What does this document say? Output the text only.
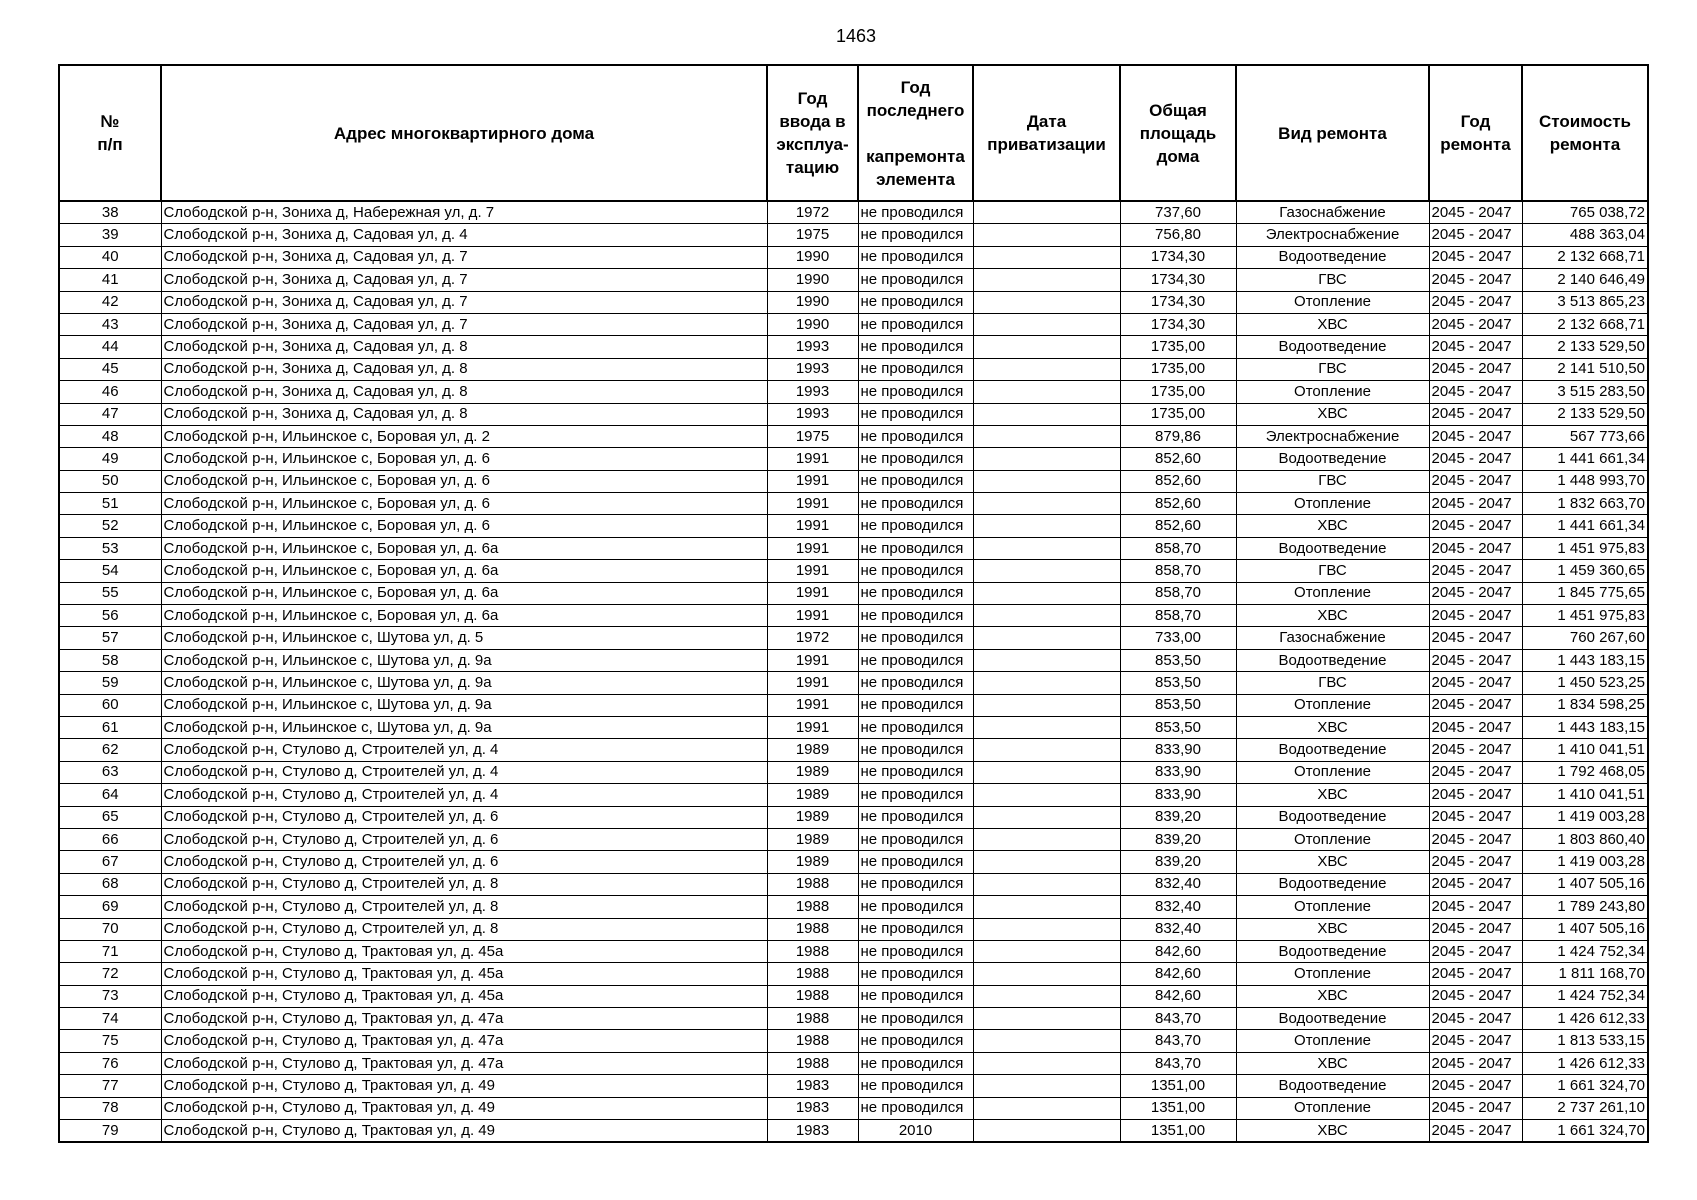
1463
№
п/п	Адрес многоквартирного дома	Год
ввода в
эксплуа-
тацию	Год
последнего

капремонта
элемента	Дата
приватизации	Общая
площадь
дома	Вид ремонта	Год
ремонта	Стоимость
ремонта
38	Слободской р-н, Зониха д, Набережная ул, д. 7	1972	не проводился		737,60	Газоснабжение	2045 - 2047	765 038,72
39	Слободской р-н, Зониха д, Садовая ул, д. 4	1975	не проводился		756,80	Электроснабжение	2045 - 2047	488 363,04
40	Слободской р-н, Зониха д, Садовая ул, д. 7	1990	не проводился		1734,30	Водоотведение	2045 - 2047	2 132 668,71
41	Слободской р-н, Зониха д, Садовая ул, д. 7	1990	не проводился		1734,30	ГВС	2045 - 2047	2 140 646,49
42	Слободской р-н, Зониха д, Садовая ул, д. 7	1990	не проводился		1734,30	Отопление	2045 - 2047	3 513 865,23
43	Слободской р-н, Зониха д, Садовая ул, д. 7	1990	не проводился		1734,30	ХВС	2045 - 2047	2 132 668,71
44	Слободской р-н, Зониха д, Садовая ул, д. 8	1993	не проводился		1735,00	Водоотведение	2045 - 2047	2 133 529,50
45	Слободской р-н, Зониха д, Садовая ул, д. 8	1993	не проводился		1735,00	ГВС	2045 - 2047	2 141 510,50
46	Слободской р-н, Зониха д, Садовая ул, д. 8	1993	не проводился		1735,00	Отопление	2045 - 2047	3 515 283,50
47	Слободской р-н, Зониха д, Садовая ул, д. 8	1993	не проводился		1735,00	ХВС	2045 - 2047	2 133 529,50
48	Слободской р-н, Ильинское с, Боровая ул, д. 2	1975	не проводился		879,86	Электроснабжение	2045 - 2047	567 773,66
49	Слободской р-н, Ильинское с, Боровая ул, д. 6	1991	не проводился		852,60	Водоотведение	2045 - 2047	1 441 661,34
50	Слободской р-н, Ильинское с, Боровая ул, д. 6	1991	не проводился		852,60	ГВС	2045 - 2047	1 448 993,70
51	Слободской р-н, Ильинское с, Боровая ул, д. 6	1991	не проводился		852,60	Отопление	2045 - 2047	1 832 663,70
52	Слободской р-н, Ильинское с, Боровая ул, д. 6	1991	не проводился		852,60	ХВС	2045 - 2047	1 441 661,34
53	Слободской р-н, Ильинское с, Боровая ул, д. 6а	1991	не проводился		858,70	Водоотведение	2045 - 2047	1 451 975,83
54	Слободской р-н, Ильинское с, Боровая ул, д. 6а	1991	не проводился		858,70	ГВС	2045 - 2047	1 459 360,65
55	Слободской р-н, Ильинское с, Боровая ул, д. 6а	1991	не проводился		858,70	Отопление	2045 - 2047	1 845 775,65
56	Слободской р-н, Ильинское с, Боровая ул, д. 6а	1991	не проводился		858,70	ХВС	2045 - 2047	1 451 975,83
57	Слободской р-н, Ильинское с, Шутова ул, д. 5	1972	не проводился		733,00	Газоснабжение	2045 - 2047	760 267,60
58	Слободской р-н, Ильинское с, Шутова ул, д. 9а	1991	не проводился		853,50	Водоотведение	2045 - 2047	1 443 183,15
59	Слободской р-н, Ильинское с, Шутова ул, д. 9а	1991	не проводился		853,50	ГВС	2045 - 2047	1 450 523,25
60	Слободской р-н, Ильинское с, Шутова ул, д. 9а	1991	не проводился		853,50	Отопление	2045 - 2047	1 834 598,25
61	Слободской р-н, Ильинское с, Шутова ул, д. 9а	1991	не проводился		853,50	ХВС	2045 - 2047	1 443 183,15
62	Слободской р-н, Стулово д, Строителей ул, д. 4	1989	не проводился		833,90	Водоотведение	2045 - 2047	1 410 041,51
63	Слободской р-н, Стулово д, Строителей ул, д. 4	1989	не проводился		833,90	Отопление	2045 - 2047	1 792 468,05
64	Слободской р-н, Стулово д, Строителей ул, д. 4	1989	не проводился		833,90	ХВС	2045 - 2047	1 410 041,51
65	Слободской р-н, Стулово д, Строителей ул, д. 6	1989	не проводился		839,20	Водоотведение	2045 - 2047	1 419 003,28
66	Слободской р-н, Стулово д, Строителей ул, д. 6	1989	не проводился		839,20	Отопление	2045 - 2047	1 803 860,40
67	Слободской р-н, Стулово д, Строителей ул, д. 6	1989	не проводился		839,20	ХВС	2045 - 2047	1 419 003,28
68	Слободской р-н, Стулово д, Строителей ул, д. 8	1988	не проводился		832,40	Водоотведение	2045 - 2047	1 407 505,16
69	Слободской р-н, Стулово д, Строителей ул, д. 8	1988	не проводился		832,40	Отопление	2045 - 2047	1 789 243,80
70	Слободской р-н, Стулово д, Строителей ул, д. 8	1988	не проводился		832,40	ХВС	2045 - 2047	1 407 505,16
71	Слободской р-н, Стулово д, Трактовая ул, д. 45а	1988	не проводился		842,60	Водоотведение	2045 - 2047	1 424 752,34
72	Слободской р-н, Стулово д, Трактовая ул, д. 45а	1988	не проводился		842,60	Отопление	2045 - 2047	1 811 168,70
73	Слободской р-н, Стулово д, Трактовая ул, д. 45а	1988	не проводился		842,60	ХВС	2045 - 2047	1 424 752,34
74	Слободской р-н, Стулово д, Трактовая ул, д. 47а	1988	не проводился		843,70	Водоотведение	2045 - 2047	1 426 612,33
75	Слободской р-н, Стулово д, Трактовая ул, д. 47а	1988	не проводился		843,70	Отопление	2045 - 2047	1 813 533,15
76	Слободской р-н, Стулово д, Трактовая ул, д. 47а	1988	не проводился		843,70	ХВС	2045 - 2047	1 426 612,33
77	Слободской р-н, Стулово д, Трактовая ул, д. 49	1983	не проводился		1351,00	Водоотведение	2045 - 2047	1 661 324,70
78	Слободской р-н, Стулово д, Трактовая ул, д. 49	1983	не проводился		1351,00	Отопление	2045 - 2047	2 737 261,10
79	Слободской р-н, Стулово д, Трактовая ул, д. 49	1983	2010		1351,00	ХВС	2045 - 2047	1 661 324,70
